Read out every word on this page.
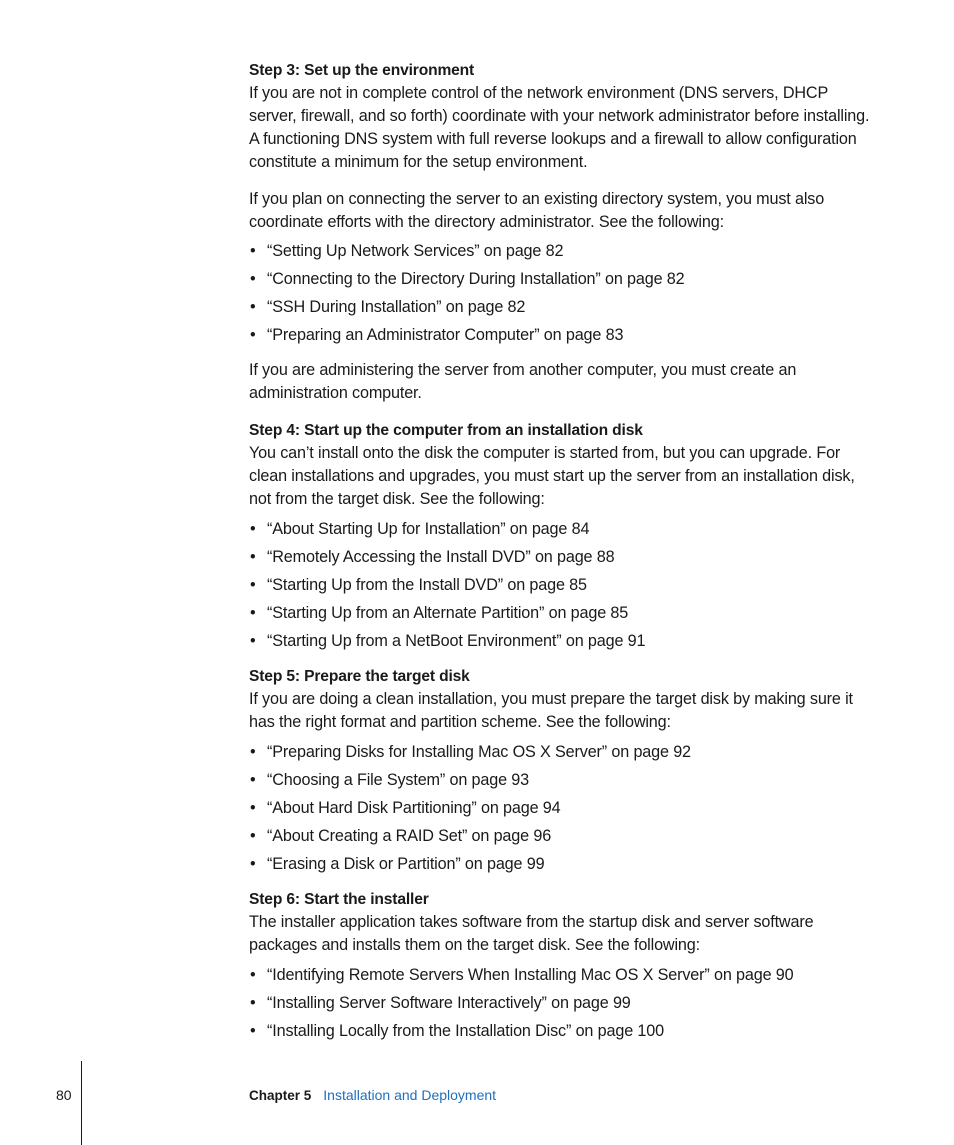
Step 3: Set up the environment

If you are not in complete control of the network environment (DNS servers, DHCP server, firewall, and so forth) coordinate with your network administrator before installing. A functioning DNS system with full reverse lookups and a firewall to allow configuration constitute a minimum for the setup environment.

If you plan on connecting the server to an existing directory system, you must also coordinate efforts with the directory administrator. See the following:

• “Setting Up Network Services” on page 82
• “Connecting to the Directory During Installation” on page 82
• “SSH During Installation” on page 82
• “Preparing an Administrator Computer” on page 83

If you are administering the server from another computer, you must create an administration computer.

Step 4: Start up the computer from an installation disk

You can’t install onto the disk the computer is started from, but you can upgrade. For clean installations and upgrades, you must start up the server from an installation disk, not from the target disk. See the following:

• “About Starting Up for Installation” on page 84
• “Remotely Accessing the Install DVD” on page 88
• “Starting Up from the Install DVD” on page 85
• “Starting Up from an Alternate Partition” on page 85
• “Starting Up from a NetBoot Environment” on page 91

Step 5: Prepare the target disk

If you are doing a clean installation, you must prepare the target disk by making sure it has the right format and partition scheme. See the following:

• “Preparing Disks for Installing Mac OS X Server” on page 92
• “Choosing a File System” on page 93
• “About Hard Disk Partitioning” on page 94
• “About Creating a RAID Set” on page 96
• “Erasing a Disk or Partition” on page 99

Step 6: Start the installer

The installer application takes software from the startup disk and server software packages and installs them on the target disk. See the following:

• “Identifying Remote Servers When Installing Mac OS X Server” on page 90
• “Installing Server Software Interactively” on page 99
• “Installing Locally from the Installation Disc” on page 100
80	Chapter 5 Installation and Deployment
